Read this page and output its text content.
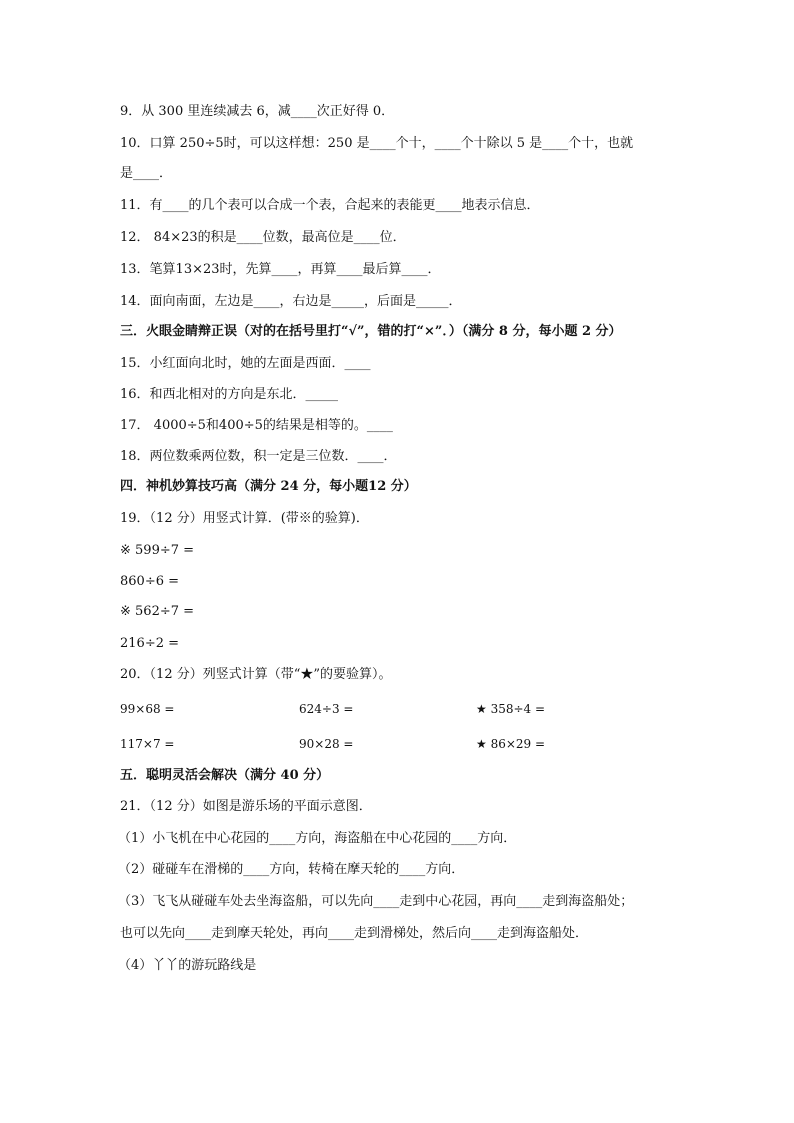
9．从 300 里连续减去 6，减____次正好得 0．
10．口算 250÷5时，可以这样想：250 是____个十，____个十除以 5 是____个十，也就
是____．
11．有____的几个表可以合成一个表，合起来的表能更____地表示信息．
12． 84×23的积是____位数，最高位是____位．
13．笔算13×23时，先算____，再算____最后算____．
14．面向南面，左边是____，右边是_____，后面是_____．
三．火眼金睛辩正误（对的在括号里打“√”，错的打“×”．）（满分 8 分，每小题 2 分）
15．小红面向北时，她的左面是西面．____
16．和西北相对的方向是东北．_____
17． 4000÷5和400÷5的结果是相等的。____
18．两位数乘两位数，积一定是三位数．____．
四．神机妙算技巧高（满分 24 分，每小题12 分）
19．（12 分）用竖式计算．(带※的验算)．
※ 599÷7 =
860÷6 =
※ 562÷7 =
216÷2 =
20．（12 分）列竖式计算（带“★”的要验算）。
99×68 =	624÷3 =	★ 358÷4 =
117×7 =	90×28 =	★ 86×29 =
五．聪明灵活会解决（满分 40 分）
21．（12 分）如图是游乐场的平面示意图．
（1）小飞机在中心花园的____方向，海盗船在中心花园的____方向．
（2）碰碰车在滑梯的____方向，转椅在摩天轮的____方向．
（3）飞飞从碰碰车处去坐海盗船，可以先向____走到中心花园，再向____走到海盗船处；
也可以先向____走到摩天轮处，再向____走到滑梯处，然后向____走到海盗船处．
（4）丫丫的游玩路线是
